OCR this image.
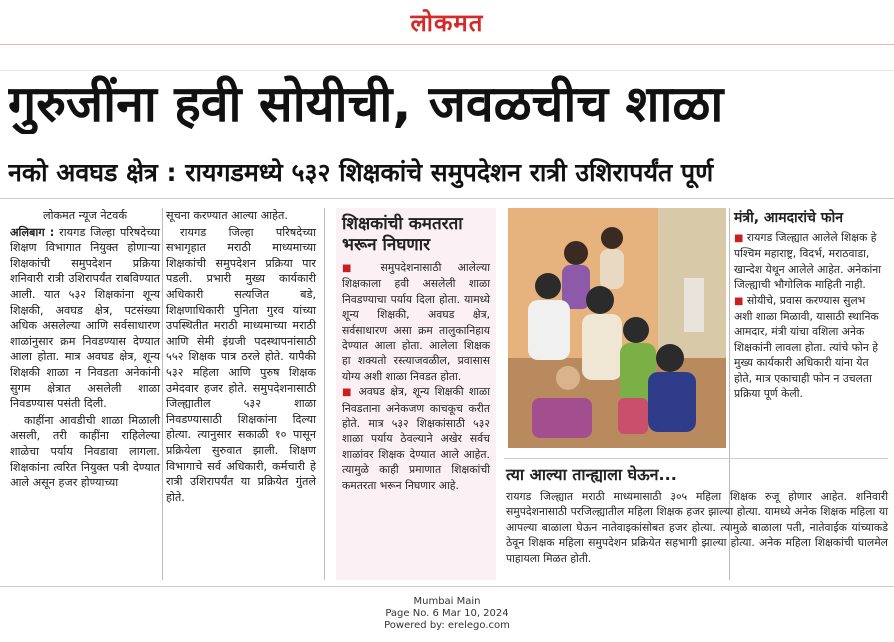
लोकमत
गुरुजींना हवी सोयीची, जवळचीच शाळा
नको अवघड क्षेत्र : रायगडमध्ये ५३२ शिक्षकांचे समुपदेशन रात्री उशिरापर्यंत पूर्ण

लोकमत न्यूज नेटवर्क

अलिबाग : रायगड जिल्हा परिषदेच्या शिक्षण विभागात नियुक्त होणाऱ्या शिक्षकांची समुपदेशन प्रक्रिया शनिवारी रात्री उशिरापर्यंत राबविण्यात आली. यात ५३२ शिक्षकांना शून्य शिक्षकी, अवघड क्षेत्र, पटसंख्या अधिक असलेल्या आणि सर्वसाधारण शाळांनुसार क्रम निवडण्यास देण्यात आला होता. मात्र अवघड क्षेत्र, शून्य शिक्षकी शाळा न निवडता अनेकांनी सुगम क्षेत्रात असलेली शाळा निवडण्यास पसंती दिली.

काहींना आवडीची शाळा मिळाली असली, तरी काहींना राहिलेल्या शाळेचा पर्याय निवडावा लागला. शिक्षकांना त्वरित नियुक्त पत्री देण्यात आले असून हजर होण्याच्या

सूचना करण्यात आल्या आहेत.

रायगड जिल्हा परिषदेच्या सभागृहात मराठी माध्यमाच्या शिक्षकांची समुपदेशन प्रक्रिया पार पडली. प्रभारी मुख्य कार्यकारी अधिकारी सत्यजित बडे, शिक्षणाधिकारी पुनिता गुरव यांच्या उपस्थितीत मराठी माध्यमाच्या मराठी आणि सेमी इंग्रजी पदस्थापनांसाठी ५५२ शिक्षक पात्र ठरले होते. यापैकी ५३२ महिला आणि पुरुष शिक्षक उमेदवार हजर होते. समुपदेशनासाठी जिल्ह्यातील ५३२ शाळा निवडण्यासाठी शिक्षकांना दिल्या होत्या. त्यानुसार सकाळी १० पासून प्रक्रियेला सुरुवात झाली. शिक्षण विभागाचे सर्व अधिकारी, कर्मचारी हे रात्री उशिरापर्यंत या प्रक्रियेत गुंतले होते.

शिक्षकांची कमतरता भरून निघणार

■ समुपदेशनासाठी आलेल्या शिक्षकाला हवी असलेली शाळा निवडण्याचा पर्याय दिला होता. यामध्ये शून्य शिक्षकी, अवघड क्षेत्र, सर्वसाधारण असा क्रम तालुकानिहाय देण्यात आला होता. आलेला शिक्षक हा शक्यतो रस्त्याजवळील, प्रवासास योग्य अशी शाळा निवडत होता.

■ अवघड क्षेत्र, शून्य शिक्षकी शाळा निवडताना अनेकजण काचकूच करीत होते. मात्र ५३२ शिक्षकांसाठी ५३२ शाळा पर्याय ठेवल्याने अखेर सर्वच शाळांवर शिक्षक देण्यात आले आहेत. त्यामुळे काही प्रमाणात शिक्षकांची कमतरता भरून निघणार आहे.

मंत्री, आमदारांचे फोन

■ रायगड जिल्ह्यात आलेले शिक्षक हे पश्चिम महाराष्ट्र, विदर्भ, मराठवाडा, खान्देश येथून आलेले आहेत. अनेकांना जिल्ह्याची भौगोलिक माहिती नाही.

■ सोयीचे, प्रवास करण्यास सुलभ अशी शाळा मिळावी, यासाठी स्थानिक आमदार, मंत्री यांचा वशिला अनेक शिक्षकांनी लावला होता. त्यांचे फोन हे मुख्य कार्यकारी अधिकारी यांना येत होते, मात्र एकाचाही फोन न उचलता प्रक्रिया पूर्ण केली.

त्या आल्या तान्ह्याला घेऊन...

रायगड जिल्ह्यात मराठी माध्यमासाठी ३०५ महिला शिक्षक रुजू होणार आहेत. शनिवारी समुपदेशनासाठी परजिल्ह्यातील महिला शिक्षक हजर झाल्या होत्या. यामध्ये अनेक शिक्षक महिला या आपल्या बाळाला घेऊन नातेवाइकांसोबत हजर होत्या. त्यामुळे बाळाला पती, नातेवाईक यांच्याकडे ठेवून शिक्षक महिला समुपदेशन प्रक्रियेत सहभागी झाल्या होत्या. अनेक महिला शिक्षकांची घालमेल पाहायला मिळत होती.

Mumbai Main
Page No. 6 Mar 10, 2024
Powered by: erelego.com
